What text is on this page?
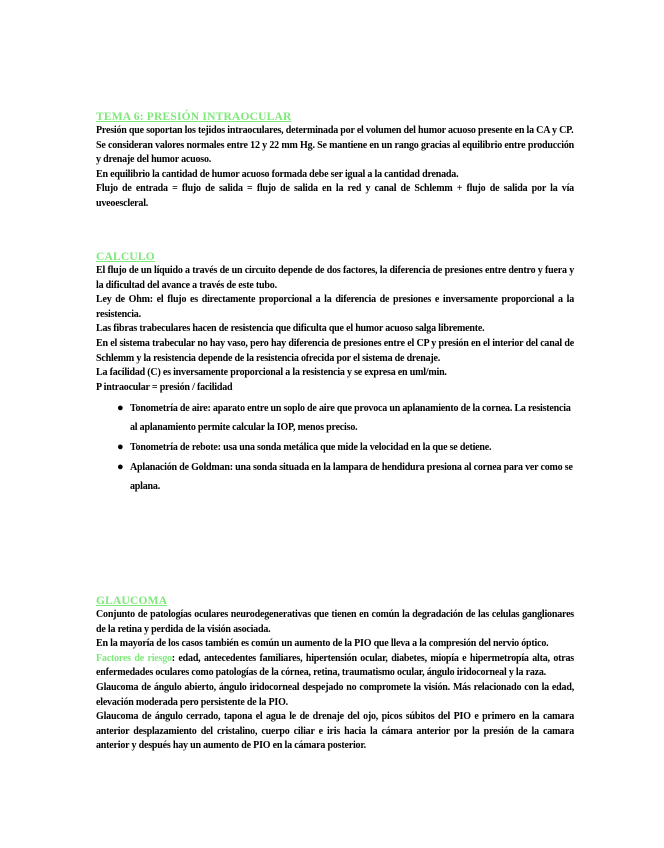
TEMA 6: PRESIÓN INTRAOCULAR

Presión que soportan los tejidos intraoculares, determinada por el volumen del humor acuoso presente en la CA y CP.

Se consideran valores normales entre 12 y 22 mm Hg. Se mantiene en un rango gracias al equilibrio entre producción y drenaje del humor acuoso.

En equilibrio la cantidad de humor acuoso formada debe ser igual a la cantidad drenada.

Flujo de entrada = flujo de salida = flujo de salida en la red y canal de Schlemm + flujo de salida por la vía uveoescleral.

CALCULO

El flujo de un líquido a través de un circuito depende de dos factores, la diferencia de presiones entre dentro y fuera y la dificultad del avance a través de este tubo.

Ley de Ohm: el flujo es directamente proporcional a la diferencia de presiones e inversamente proporcional a la resistencia.

Las fibras trabeculares hacen de resistencia que dificulta que el humor acuoso salga libremente.

En el sistema trabecular no hay vaso, pero hay diferencia de presiones entre el CP y presión en el interior del canal de Schlemm y la resistencia depende de la resistencia ofrecida por el sistema de drenaje.

La facilidad (C) es inversamente proporcional a la resistencia y se expresa en uml/min.

P intraocular = presión / facilidad

● Tonometría de aire: aparato entre un soplo de aire que provoca un aplanamiento de la cornea. La resistencia al aplanamiento permite calcular la IOP, menos preciso.
● Tonometría de rebote: usa una sonda metálica que mide la velocidad en la que se detiene.
● Aplanación de Goldman: una sonda situada en la lampara de hendidura presiona al cornea para ver como se aplana.
GLAUCOMA

Conjunto de patologías oculares neurodegenerativas que tienen en común la degradación de las celulas ganglionares de la retina y perdida de la visión asociada.

En la mayoría de los casos también es común un aumento de la PIO que lleva a la compresión del nervio óptico.

Factores de riesgo: edad, antecedentes familiares, hipertensión ocular, diabetes, miopía e hipermetropía alta, otras enfermedades oculares como patologías de la córnea, retina, traumatismo ocular, ángulo iridocorneal y la raza.

Glaucoma de ángulo abierto, ángulo iridocorneal despejado no compromete la visión. Más relacionado con la edad, elevación moderada pero persistente de la PIO.

Glaucoma de ángulo cerrado, tapona el agua le de drenaje del ojo, picos súbitos del PIO e primero en la camara anterior desplazamiento del cristalino, cuerpo ciliar e iris hacia la cámara anterior por la presión de la camara anterior y después hay un aumento de PIO en la cámara posterior.
